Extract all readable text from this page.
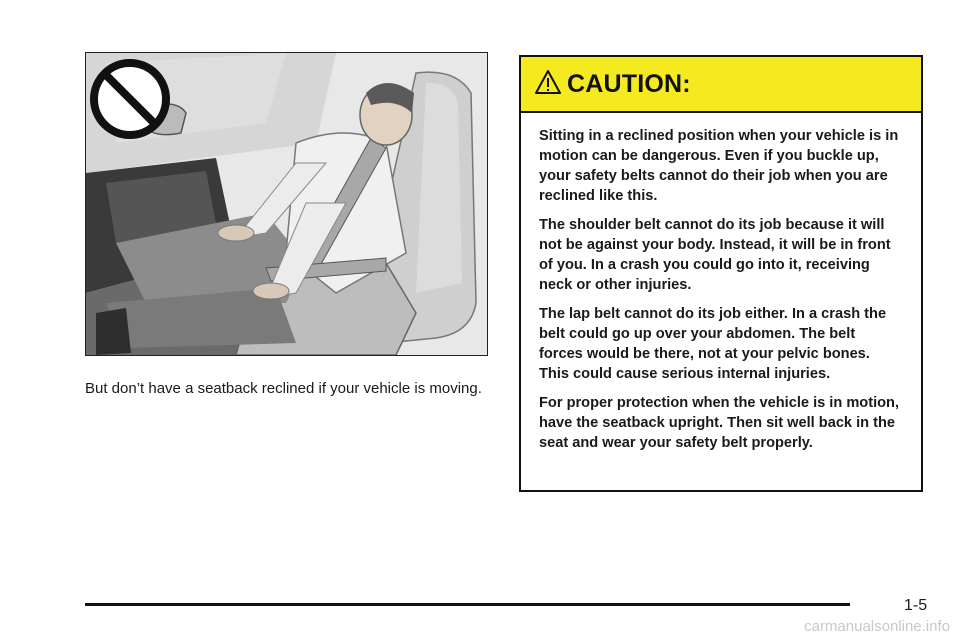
But don’t have a seatback reclined if your vehicle is moving.

CAUTION:

Sitting in a reclined position when your vehicle is in motion can be dangerous. Even if you buckle up, your safety belts cannot do their job when you are reclined like this.

The shoulder belt cannot do its job because it will not be against your body. Instead, it will be in front of you. In a crash you could go into it, receiving neck or other injuries.

The lap belt cannot do its job either. In a crash the belt could go up over your abdomen. The belt forces would be there, not at your pelvic bones. This could cause serious internal injuries.

For proper protection when the vehicle is in motion, have the seatback upright. Then sit well back in the seat and wear your safety belt properly.

1-5
carmanualsonline.info
